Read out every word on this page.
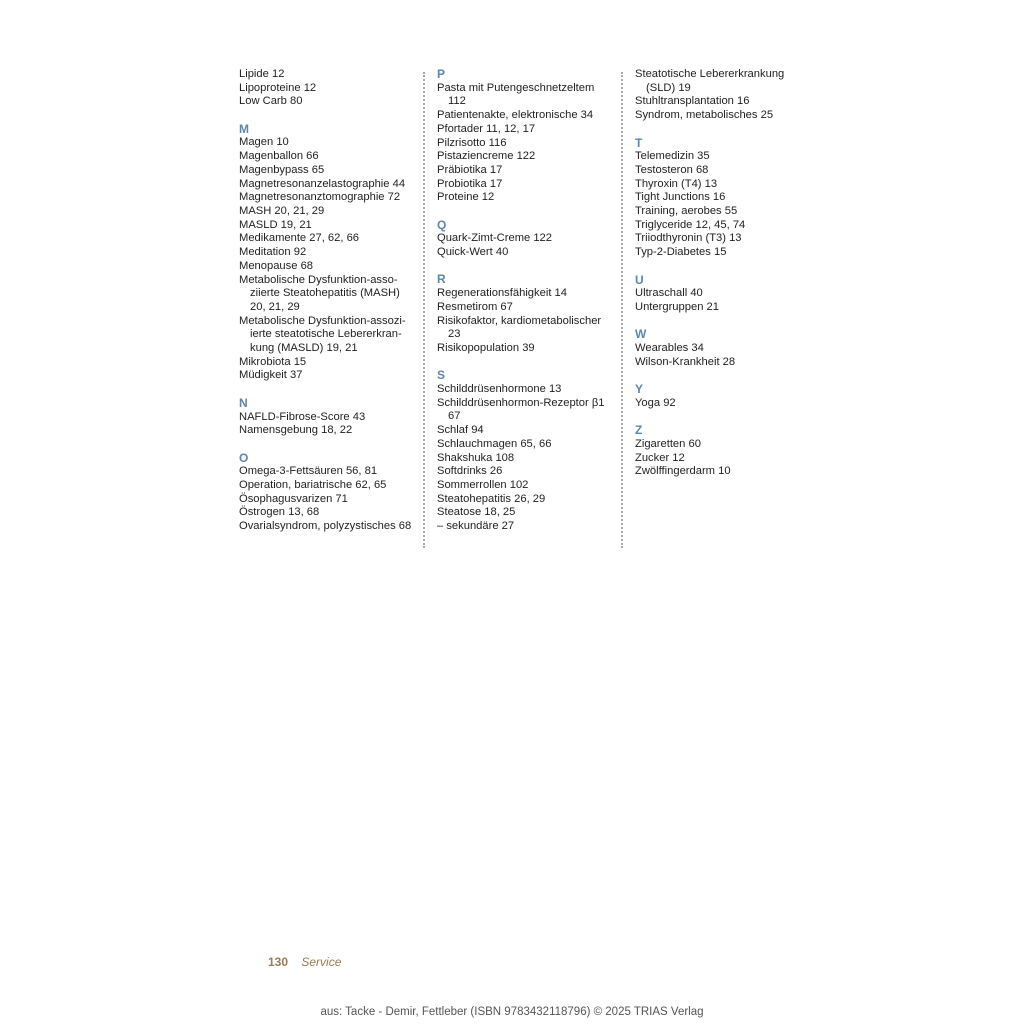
Lipide 12
Lipoproteine 12
Low Carb 80
M
Magen 10
Magenballon 66
Magenbypass 65
Magnetresonanzelastographie 44
Magnetresonanztomographie 72
MASH 20, 21, 29
MASLD 19, 21
Medikamente 27, 62, 66
Meditation 92
Menopause 68
Metabolische Dysfunktion-assoziierte Steatohepatitis (MASH) 20, 21, 29
Metabolische Dysfunktion-assoziierte steatotische Lebererkrankung (MASLD) 19, 21
Mikrobiota 15
Müdigkeit 37
N
NAFLD-Fibrose-Score 43
Namensgebung 18, 22
O
Omega-3-Fettsäuren 56, 81
Operation, bariatrische 62, 65
Ösophagusvarizen 71
Östrogen 13, 68
Ovarialsyndrom, polyzystisches 68
P
Pasta mit Putengeschnetzeltem 112
Patientenakte, elektronische 34
Pfortader 11, 12, 17
Pilzrisotto 116
Pistaziencreme 122
Präbiotika 17
Probiotika 17
Proteine 12
Q
Quark-Zimt-Creme 122
Quick-Wert 40
R
Regenerationsfähigkeit 14
Resmetirom 67
Risikofaktor, kardiometabolischer 23
Risikopopulation 39
S
Schilddrüsenhormone 13
Schilddrüsenhormon-Rezeptor β1 67
Schlaf 94
Schlauchmagen 65, 66
Shakshuka 108
Softdrinks 26
Sommerrollen 102
Steatohepatitis 26, 29
Steatose 18, 25
– sekundäre 27
Steatotische Lebererkrankung (SLD) 19
Stuhltransplantation 16
Syndrom, metabolisches 25
T
Telemedizin 35
Testosteron 68
Thyroxin (T4) 13
Tight Junctions 16
Training, aerobes 55
Triglyceride 12, 45, 74
Triiodthyronin (T3) 13
Typ-2-Diabetes 15
U
Ultraschall 40
Untergruppen 21
W
Wearables 34
Wilson-Krankheit 28
Y
Yoga 92
Z
Zigaretten 60
Zucker 12
Zwölffingerdarm 10
130 Service
aus: Tacke - Demir, Fettleber (ISBN 9783432118796) © 2025 TRIAS Verlag
